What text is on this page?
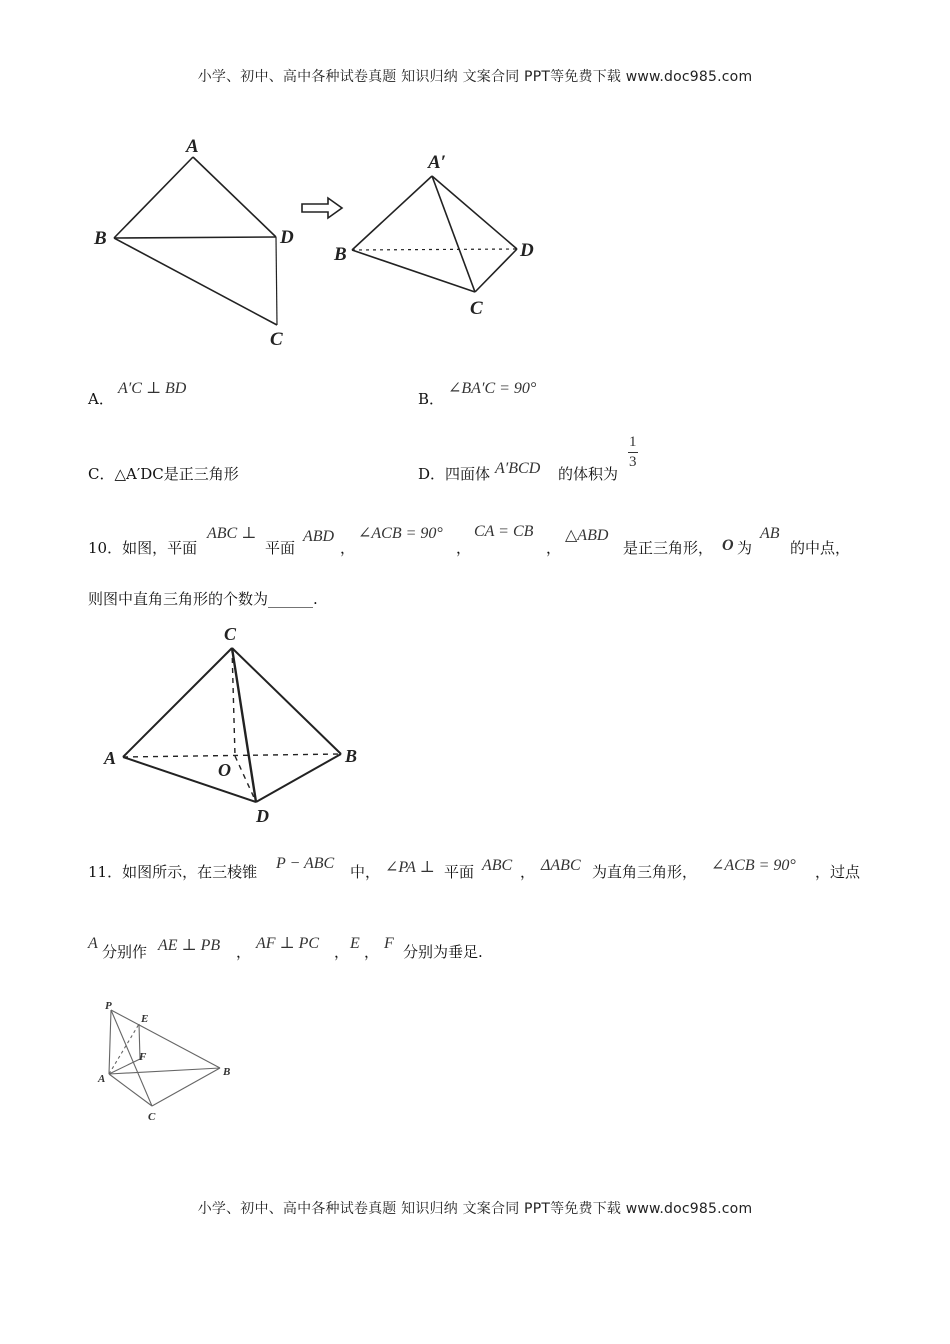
小学、初中、高中各种试卷真题 知识归纳 文案合同 PPT等免费下载 www.doc985.com
A
B	D
C
A′
B	D
C
A．
A′C ⊥ BD
B．
∠BA′C = 90°
C．△A′DC是正三角形	D．四面体 A′BCD 的体积为
$\frac{1}{3}$
10．如图，平面
ABC ⊥
平面
ABD
，
∠ACB = 90°
，
CA = CB
，
△ABD
是正三角形， O 为
AB
的中点，
则图中直角三角形的个数为______.
C
A	B
O
D
11．如图所示，在三棱锥 P − ABC 中， ∠PA ⊥ 平面 ABC ， ΔABC 为直角三角形， ∠ACB = 90° ，过点
A 分别作 AE ⊥ PB ， AF ⊥ PC ， E ， F 分别为垂足.
P
E
F
A
B
C
小学、初中、高中各种试卷真题 知识归纳 文案合同 PPT等免费下载 www.doc985.com
